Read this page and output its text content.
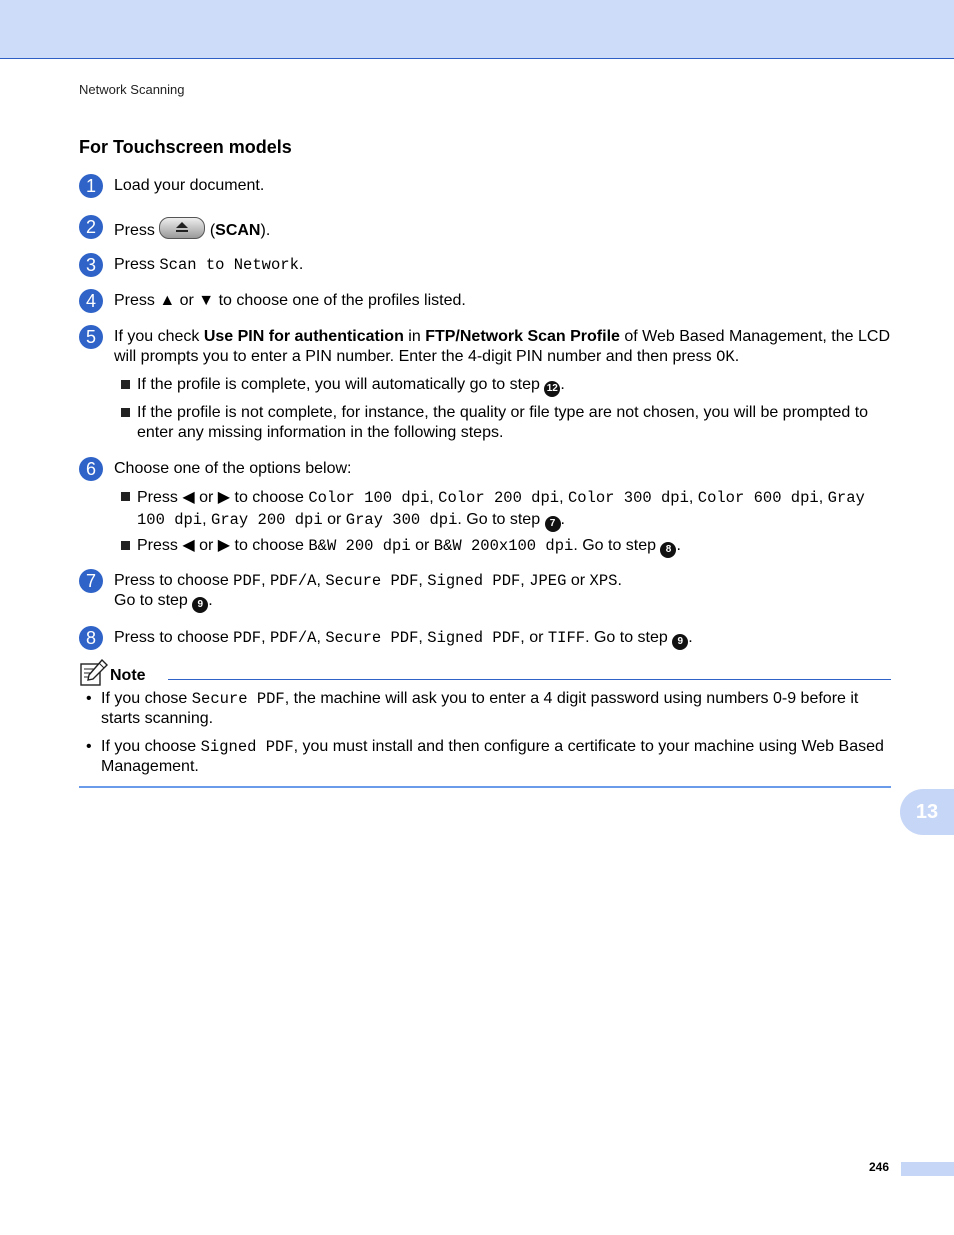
Network Scanning
For Touchscreen models
1	Load your document.
2	Press	(SCAN).
3	Press Scan to Network.
4	Press ▲ or ▼ to choose one of the profiles listed.
5	If you check Use PIN for authentication in FTP/Network Scan Profile of Web Based Management, the LCD will prompts you to enter a PIN number. Enter the 4-digit PIN number and then press OK.
If the profile is complete, you will automatically go to step 12 .
If the profile is not complete, for instance, the quality or file type are not chosen, you will be prompted to enter any missing information in the following steps.
6	Choose one of the options below:
Press ◀ or ▶ to choose Color 100 dpi, Color 200 dpi, Color 300 dpi, Color 600 dpi, Gray 100 dpi, Gray 200 dpi or Gray 300 dpi. Go to step 7 .
Press ◀ or ▶ to choose B&W 200 dpi or B&W 200x100 dpi. Go to step 8 .
7	Press to choose PDF, PDF/A, Secure PDF, Signed PDF, JPEG or XPS.
Go to step 9 .
8	Press to choose PDF, PDF/A, Secure PDF, Signed PDF, or TIFF. Go to step 9 .
Note
• If you chose Secure PDF, the machine will ask you to enter a 4 digit password using numbers 0-9 before it starts scanning.
• If you choose Signed PDF, you must install and then configure a certificate to your machine using Web Based Management.
13
246
